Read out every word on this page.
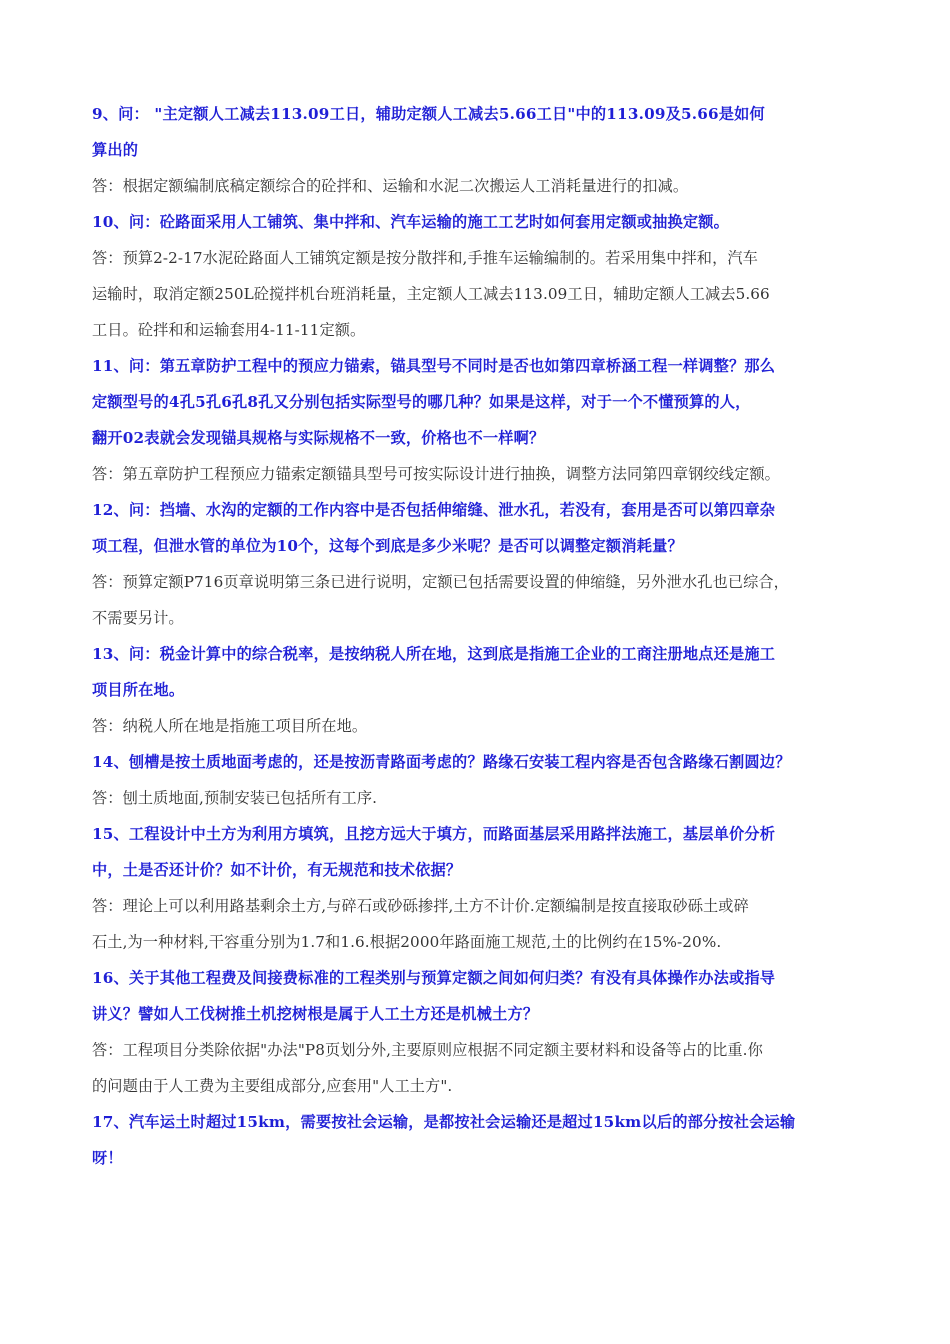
9、问： "主定额人工减去113.09工日，辅助定额人工减去5.66工日"中的113.09及5.66是如何
算出的
答：根据定额编制底稿定额综合的砼拌和、运输和水泥二次搬运人工消耗量进行的扣减。
10、问：砼路面采用人工铺筑、集中拌和、汽车运输的施工工艺时如何套用定额或抽换定额。
答：预算2-2-17水泥砼路面人工铺筑定额是按分散拌和,手推车运输编制的。若采用集中拌和，汽车
运输时，取消定额250L砼搅拌机台班消耗量，主定额人工减去113.09工日，辅助定额人工减去5.66
工日。砼拌和和运输套用4-11-11定额。
11、问：第五章防护工程中的预应力锚索，锚具型号不同时是否也如第四章桥涵工程一样调整？那么
定额型号的4孔5孔6孔8孔又分别包括实际型号的哪几种？如果是这样，对于一个不懂预算的人，
翻开02表就会发现锚具规格与实际规格不一致，价格也不一样啊？
答：第五章防护工程预应力锚索定额锚具型号可按实际设计进行抽换，调整方法同第四章钢绞线定额。
12、问：挡墙、水沟的定额的工作内容中是否包括伸缩缝、泄水孔，若没有，套用是否可以第四章杂
项工程，但泄水管的单位为10个，这每个到底是多少米呢？是否可以调整定额消耗量？
答：预算定额P716页章说明第三条已进行说明，定额已包括需要设置的伸缩缝，另外泄水孔也已综合，
不需要另计。
13、问：税金计算中的综合税率，是按纳税人所在地，这到底是指施工企业的工商注册地点还是施工
项目所在地。
答：纳税人所在地是指施工项目所在地。
14、刨槽是按土质地面考虑的，还是按沥青路面考虑的？路缘石安装工程内容是否包含路缘石割圆边？
答：刨土质地面,预制安装已包括所有工序.
15、工程设计中土方为利用方填筑，且挖方远大于填方，而路面基层采用路拌法施工，基层单价分析
中，土是否还计价？如不计价，有无规范和技术依据？
答：理论上可以利用路基剩余土方,与碎石或砂砾掺拌,土方不计价.定额编制是按直接取砂砾土或碎
石土,为一种材料,干容重分别为1.7和1.6.根据2000年路面施工规范,土的比例约在15%-20%.
16、关于其他工程费及间接费标准的工程类别与预算定额之间如何归类？有没有具体操作办法或指导
讲义？譬如人工伐树推土机挖树根是属于人工土方还是机械土方？
答：工程项目分类除依据"办法"P8页划分外,主要原则应根据不同定额主要材料和设备等占的比重.你
的问题由于人工费为主要组成部分,应套用"人工土方".
17、汽车运土时超过15km，需要按社会运输，是都按社会运输还是超过15km以后的部分按社会运输
呀！
